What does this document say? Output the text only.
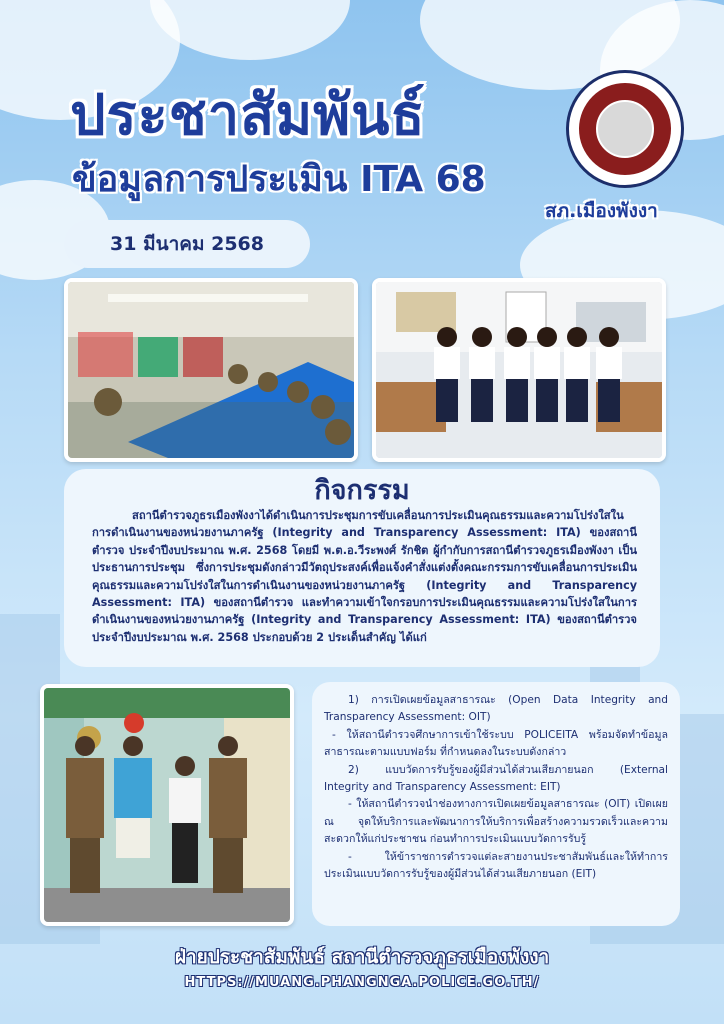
ประชาสัมพันธ์
ข้อมูลการประเมิน ITA 68
สภ.เมืองพังงา
31 มีนาคม 2568
กิจกรรม

สถานีตำรวจภูธรเมืองพังงาได้ดำเนินการประชุมการขับเคลื่อนการประเมินคุณธรรมและความโปร่งใสในการดำเนินงานของหน่วยงานภาครัฐ (Integrity and Transparency Assessment: ITA) ของสถานีตำรวจ ประจำปีงบประมาณ พ.ศ. 2568 โดยมี พ.ต.อ.วีระพงศ์ รักชิต ผู้กำกับการสถานีตำรวจภูธรเมืองพังงา เป็นประธานการประชุม ซึ่งการประชุมดังกล่าวมีวัตถุประสงค์เพื่อแจ้งคำสั่งแต่งตั้งคณะกรรมการขับเคลื่อนการประเมินคุณธรรมและความโปร่งใสในการดำเนินงานของหน่วยงานภาครัฐ (Integrity and Transparency Assessment: ITA) ของสถานีตำรวจ และทำความเข้าใจกรอบการประเมินคุณธรรมและความโปร่งใสในการดำเนินงานของหน่วยงานภาครัฐ (Integrity and Transparency Assessment: ITA) ของสถานีตำรวจ ประจำปีงบประมาณ พ.ศ. 2568 ประกอบด้วย 2 ประเด็นสำคัญ ได้แก่

1) การเปิดเผยข้อมูลสาธารณะ (Open Data Integrity and Transparency Assessment: OIT)

- ให้สถานีตำรวจศึกษาการเข้าใช้ระบบ POLICEITA พร้อมจัดทำข้อมูลสาธารณะตามแบบฟอร์ม ที่กำหนดลงในระบบดังกล่าว

2) แบบวัดการรับรู้ของผู้มีส่วนได้ส่วนเสียภายนอก (External Integrity and Transparency Assessment: EIT)

- ให้สถานีตำรวจนำช่องทางการเปิดเผยข้อมูลสาธารณะ (OIT) เปิดเผย ณ จุดให้บริการและพัฒนาการให้บริการเพื่อสร้างความรวดเร็วและความสะดวกให้แก่ประชาชน ก่อนทำการประเมินแบบวัดการรับรู้

- ให้ข้าราชการตำรวจแต่ละสายงานประชาสัมพันธ์และให้ทำการประเมินแบบวัดการรับรู้ของผู้มีส่วนได้ส่วนเสียภายนอก (EIT)

ฝ่ายประชาสัมพันธ์ สถานีตำรวจภูธรเมืองพังงา

HTTPS://MUANG.PHANGNGA.POLICE.GO.TH/
